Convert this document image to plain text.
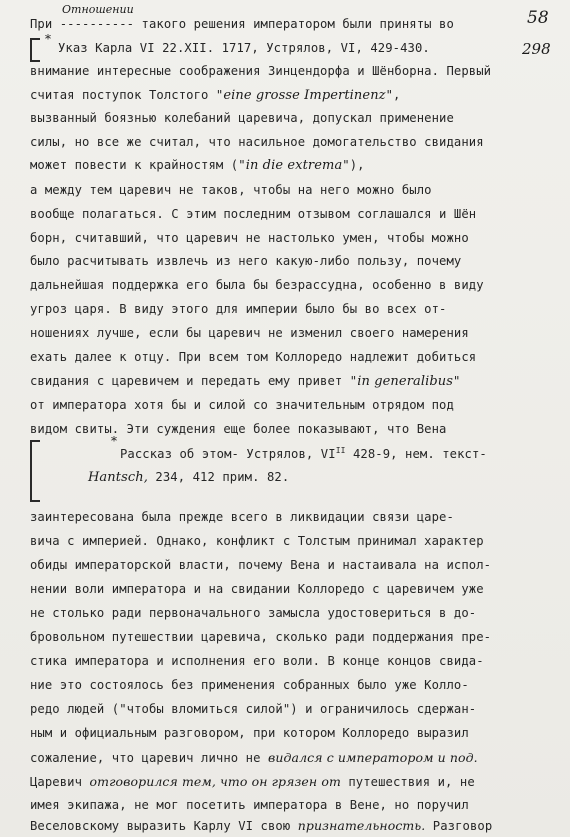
58
298
Отношении
При ---------- такого решения императором были приняты во
*
Указ Карла VI 22.XII. 1717, Устрялов, VI, 429-430.
внимание интересные соображения Зинцендорфа и Шёнборна. Первый
считая поступок Толстого "eine grosse Impertinenz",
вызванный боязнью колебаний царевича, допускал применение
силы, но все же считал, что насильное домогательство свидания
может повести к крайностям ("in die extrema"),
а между тем царевич не таков, чтобы на него можно было
вообще полагаться. С этим последним отзывом соглашался и Шён
борн, считавший, что царевич не настолько умен, чтобы можно
было расчитывать извлечь из него какую-либо пользу, почему
дальнейшая поддержка его была бы безрассудна, особенно в виду
угроз царя. В виду этого для империи было бы во всех от-
ношениях лучше, если бы царевич не изменил своего намерения
ехать далее к отцу. При всем том Коллоредо надлежит добиться
свидания с царевичем и передать ему привет "in generalibus"
от императора хотя бы и силой со значительным отрядом под
видом свиты. Эти суждения еще более показывают, что Вена
*
Рассказ об этом- Устрялов, $VI^{II}$ 428-9, нем. текст-
Hantsch, 234, 412 прим. 82.
заинтересована была прежде всего в ликвидации связи царе-
вича с империей. Однако, конфликт с Толстым принимал характер
обиды императорской власти, почему Вена и настаивала на испол-
нении воли императора и на свидании Коллоредо с царевичем уже
не столько ради первоначального замысла удостовериться в до-
бровольном путешествии царевича, сколько ради поддержания пре-
стика императора и исполнения его воли. В конце концов свида-
ние это состоялось без применения собранных было уже Колло-
редо людей ("чтобы вломиться силой") и ограничилось сдержан-
ным и официальным разговором, при котором Коллоредо выразил
сожаление, что царевич лично не видался с императором и под.
Царевич отговорился тем, что он грязен от путешествия и, не
имея экипажа, не мог посетить императора в Вене, но поручил
Веселовскому выразить Карлу VI свою признательность. Разговор
